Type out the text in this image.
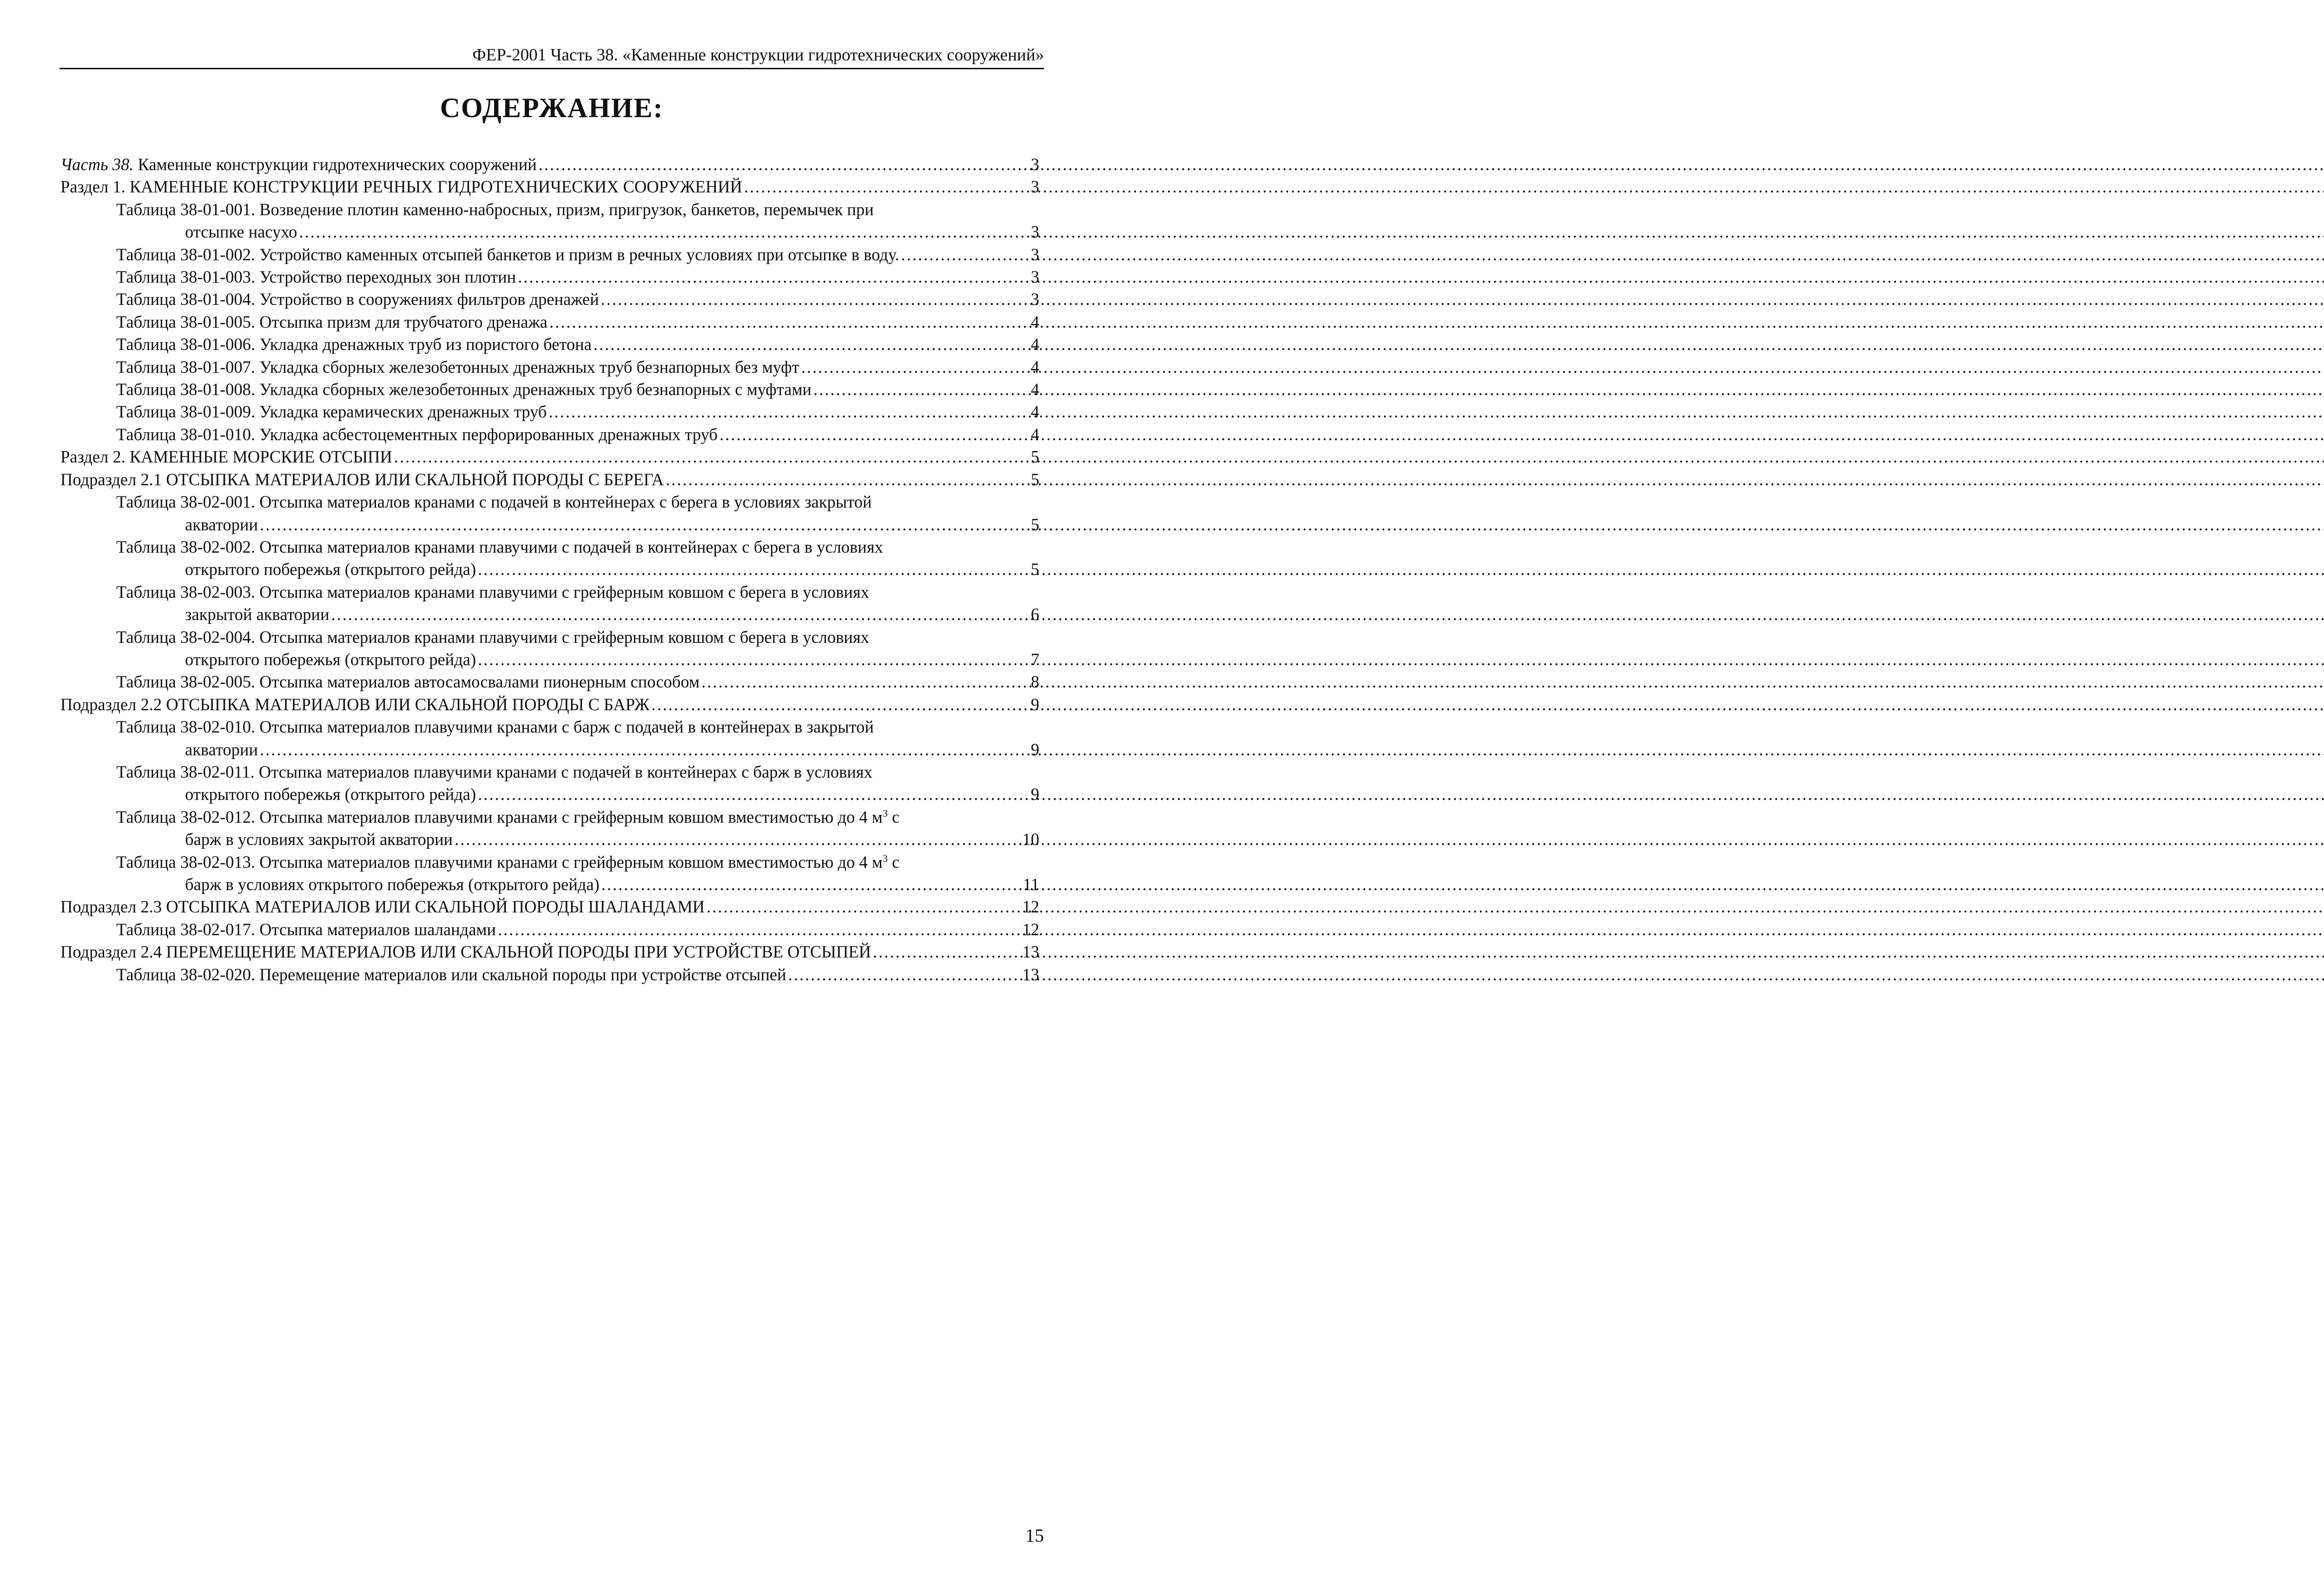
ФЕР-2001 Часть 38. «Каменные конструкции гидротехнических сооружений»
СОДЕРЖАНИЕ:
Часть 38. Каменные конструкции гидротехнических сооружений .....	3
Раздел 1. КАМЕННЫЕ КОНСТРУКЦИИ РЕЧНЫХ ГИДРОТЕХНИЧЕСКИХ СООРУЖЕНИЙ .....	3
Таблица 38-01-001. Возведение плотин каменно-набросных, призм, пригрузок, банкетов, перемычек при
отсыпке насухо .....	3
Таблица 38-01-002. Устройство каменных отсыпей банкетов и призм в речных условиях при отсыпке в воду. .....	3
Таблица 38-01-003. Устройство переходных зон плотин .....	3
Таблица 38-01-004. Устройство в сооружениях фильтров дренажей .....	3
Таблица 38-01-005. Отсыпка призм для трубчатого дренажа .....	4
Таблица 38-01-006. Укладка дренажных труб из пористого бетона .....	4
Таблица 38-01-007. Укладка сборных железобетонных дренажных труб безнапорных без муфт .....	4
Таблица 38-01-008. Укладка сборных железобетонных дренажных труб безнапорных с муфтами .....	4
Таблица 38-01-009. Укладка керамических дренажных труб .....	4
Таблица 38-01-010. Укладка асбестоцементных перфорированных дренажных труб .....	4
Раздел 2. КАМЕННЫЕ МОРСКИЕ ОТСЫПИ .....	5
Подраздел 2.1 ОТСЫПКА МАТЕРИАЛОВ ИЛИ СКАЛЬНОЙ ПОРОДЫ С БЕРЕГА .....	5
Таблица 38-02-001. Отсыпка материалов кранами с подачей в контейнерах с берега в условиях закрытой
акватории .....	5
Таблица 38-02-002. Отсыпка материалов кранами плавучими с подачей в контейнерах с берега в условиях
открытого побережья (открытого рейда) .....	5
Таблица 38-02-003. Отсыпка материалов кранами плавучими с грейферным ковшом с берега в условиях
закрытой акватории .....	6
Таблица 38-02-004. Отсыпка материалов кранами плавучими с грейферным ковшом с берега в условиях
открытого побережья (открытого рейда) .....	7
Таблица 38-02-005. Отсыпка материалов автосамосвалами пионерным способом .....	8
Подраздел 2.2 ОТСЫПКА МАТЕРИАЛОВ ИЛИ СКАЛЬНОЙ ПОРОДЫ С БАРЖ .....	9
Таблица 38-02-010. Отсыпка материалов плавучими кранами с барж с подачей в контейнерах в закрытой
акватории .....	9
Таблица 38-02-011. Отсыпка материалов плавучими кранами с подачей в контейнерах с барж в условиях
открытого побережья (открытого рейда) .....	9
Таблица 38-02-012. Отсыпка материалов плавучими кранами с грейферным ковшом вместимостью до 4 $м^3$ с
барж в условиях закрытой акватории .....	10
Таблица 38-02-013. Отсыпка материалов плавучими кранами с грейферным ковшом вместимостью до 4 $м^3$ с
барж в условиях открытого побережья (открытого рейда) .....	11
Подраздел 2.3 ОТСЫПКА МАТЕРИАЛОВ ИЛИ СКАЛЬНОЙ ПОРОДЫ ШАЛАНДАМИ .....	12
Таблица 38-02-017. Отсыпка материалов шаландами .....	12
Подраздел 2.4 ПЕРЕМЕЩЕНИЕ МАТЕРИАЛОВ ИЛИ СКАЛЬНОЙ ПОРОДЫ ПРИ УСТРОЙСТВЕ ОТСЫПЕЙ .....	13
Таблица 38-02-020. Перемещение материалов или скальной породы при устройстве отсыпей .....	13
15
